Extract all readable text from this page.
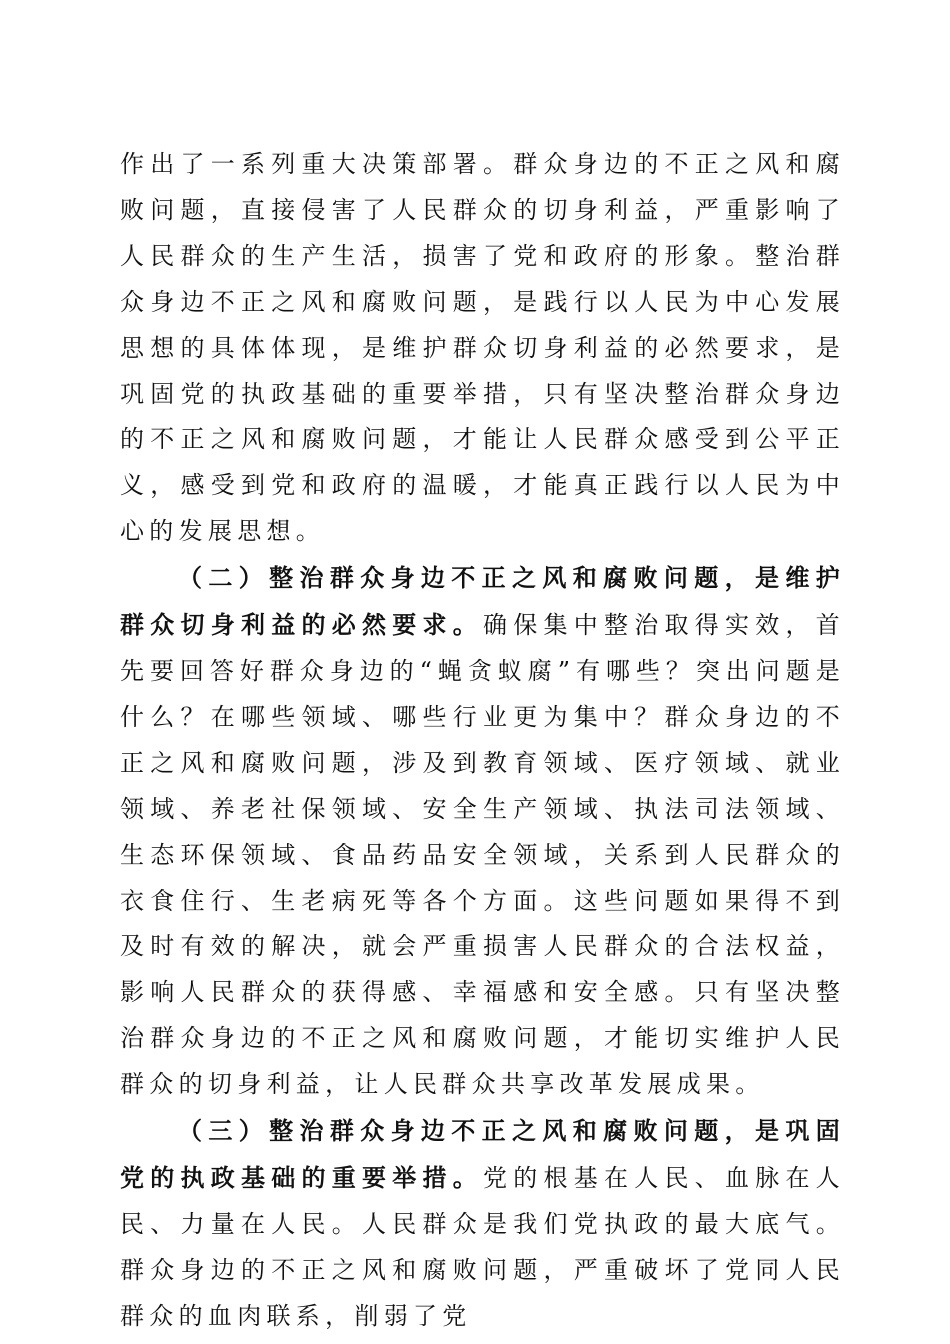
作出了一系列重大决策部署。群众身边的不正之风和腐败问题，直接侵害了人民群众的切身利益，严重影响了人民群众的生产生活，损害了党和政府的形象。整治群众身边不正之风和腐败问题，是践行以人民为中心发展思想的具体体现，是维护群众切身利益的必然要求，是巩固党的执政基础的重要举措，只有坚决整治群众身边的不正之风和腐败问题，才能让人民群众感受到公平正义，感受到党和政府的温暖，才能真正践行以人民为中心的发展思想。

（二）整治群众身边不正之风和腐败问题，是维护群众切身利益的必然要求。确保集中整治取得实效，首先要回答好群众身边的“蝇贪蚁腐”有哪些？突出问题是什么？在哪些领域、哪些行业更为集中？群众身边的不正之风和腐败问题，涉及到教育领域、医疗领域、就业领域、养老社保领域、安全生产领域、执法司法领域、生态环保领域、食品药品安全领域，关系到人民群众的衣食住行、生老病死等各个方面。这些问题如果得不到及时有效的解决，就会严重损害人民群众的合法权益，影响人民群众的获得感、幸福感和安全感。只有坚决整治群众身边的不正之风和腐败问题，才能切实维护人民群众的切身利益，让人民群众共享改革发展成果。

（三）整治群众身边不正之风和腐败问题，是巩固党的执政基础的重要举措。党的根基在人民、血脉在人民、力量在人民。人民群众是我们党执政的最大底气。群众身边的不正之风和腐败问题，严重破坏了党同人民群众的血肉联系，削弱了党
